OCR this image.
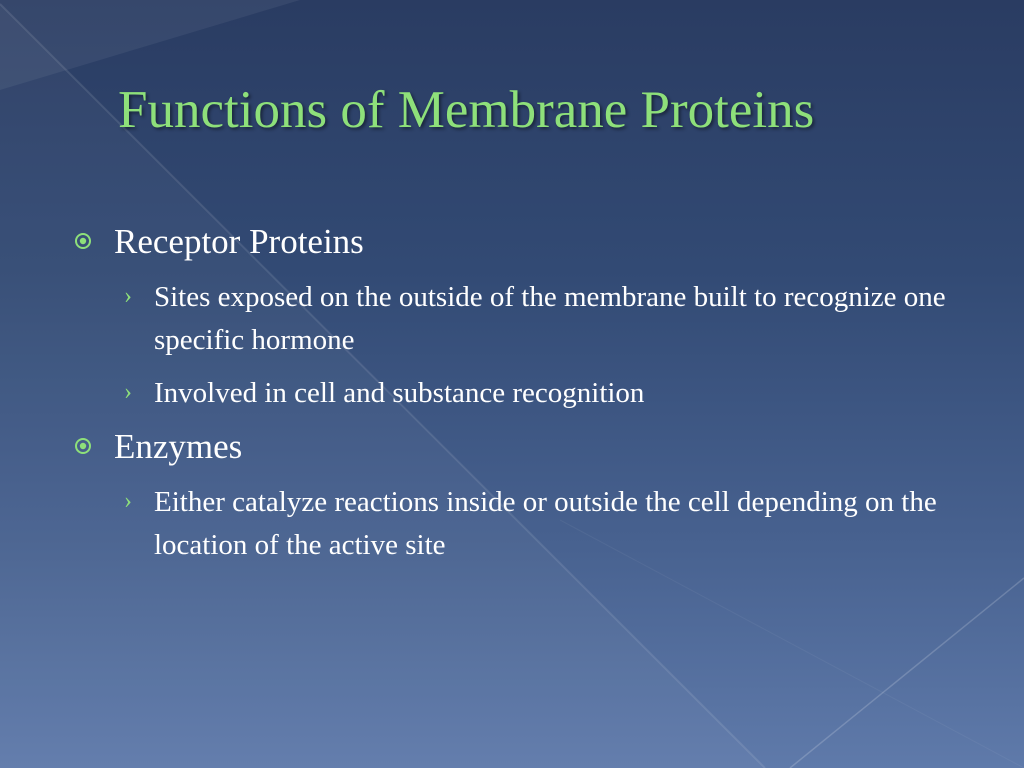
Functions of Membrane Proteins
Receptor Proteins
› Sites exposed on the outside of the membrane built to recognize one specific hormone
› Involved in cell and substance recognition
Enzymes
› Either catalyze reactions inside or outside the cell depending on the location of the active site
